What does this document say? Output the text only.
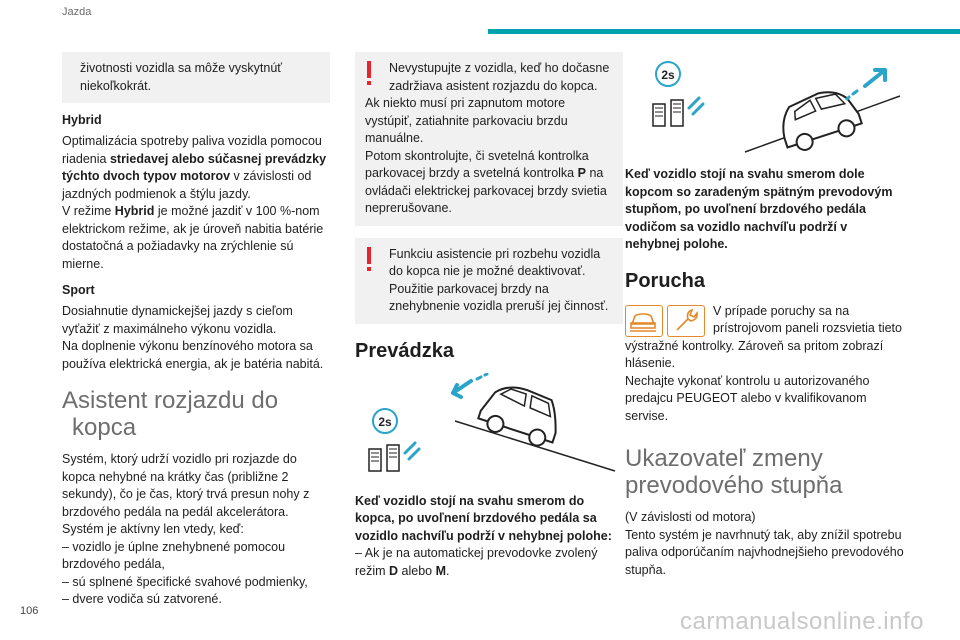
Jazda
životnosti vozidla sa môže vyskytnúť niekoľkokrát.
Hybrid

Optimalizácia spotreby paliva vozidla pomocou riadenia striedavej alebo súčasnej prevádzky týchto dvoch typov motorov v závislosti od jazdných podmienok a štýlu jazdy.

V režime Hybrid je možné jazdiť v 100 %-nom elektrickom režime, ak je úroveň nabitia batérie dostatočná a požiadavky na zrýchlenie sú mierne.

Sport

Dosiahnutie dynamickejšej jazdy s cieľom vyťažiť z maximálneho výkonu vozidla.

Na doplnenie výkonu benzínového motora sa používa elektrická energia, ak je batéria nabitá.

Asistent rozjazdu do kopca

Systém, ktorý udrží vozidlo pri rozjazde do kopca nehybné na krátky čas (približne 2 sekundy), čo je čas, ktorý trvá presun nohy z brzdového pedála na pedál akcelerátora.

Systém je aktívny len vtedy, keď:

– vozidlo je úplne znehybnené pomocou brzdového pedála,

– sú splnené špecifické svahové podmienky,

– dvere vodiča sú zatvorené.

Nevystupujte z vozidla, keď ho dočasne zadržiava asistent rozjazdu do kopca.
Ak niekto musí pri zapnutom motore vystúpiť, zatiahnite parkovaciu brzdu manuálne.
Potom skontrolujte, či svetelná kontrolka parkovacej brzdy a svetelná kontrolka P na ovládači elektrickej parkovacej brzdy svietia neprerušovane.
Funkciu asistencie pri rozbehu vozidla do kopca nie je možné deaktivovať. Použitie parkovacej brzdy na znehybnenie vozidla preruší jej činnosť.
Prevádzka
2s

Keď vozidlo stojí na svahu smerom do kopca, po uvoľnení brzdového pedála sa vozidlo nachvíľu podrží v nehybnej polohe:

– Ak je na automatickej prevodovke zvolený režim D alebo M.

2s

Keď vozidlo stojí na svahu smerom dole kopcom so zaradeným spätným prevodovým stupňom, po uvoľnení brzdového pedála vodičom sa vozidlo nachvíľu podrží v nehybnej polohe.

Porucha

V prípade poruchy sa na prístrojovom paneli rozsvietia tieto výstražné kontrolky. Zároveň sa pritom zobrazí hlásenie.

Nechajte vykonať kontrolu u autorizovaného predajcu PEUGEOT alebo v kvalifikovanom servise.

Ukazovateľ zmeny prevodového stupňa

(V závislosti od motora)

Tento systém je navrhnutý tak, aby znížil spotrebu paliva odporúčaním najvhodnejšieho prevodového stupňa.

106	carmanualsonline.info
